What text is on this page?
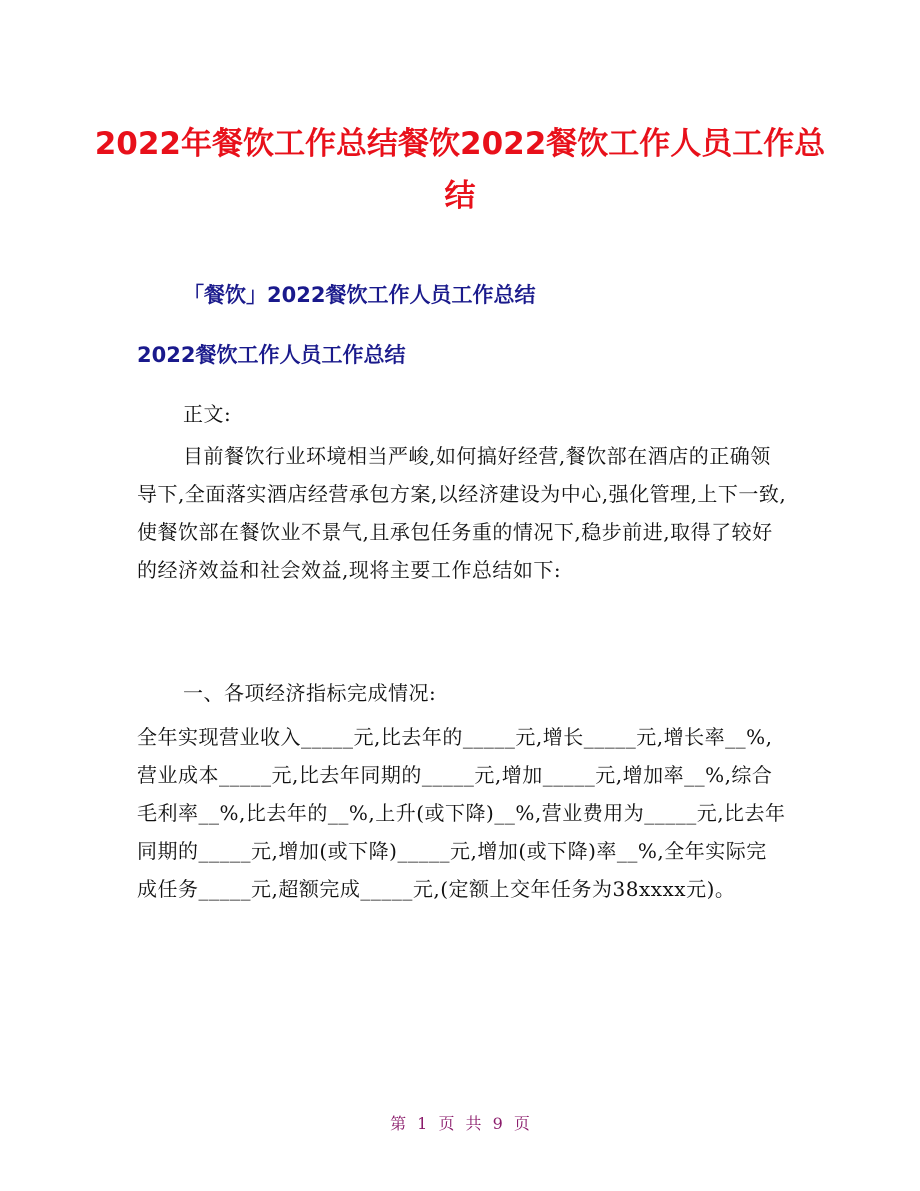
2022年餐饮工作总结餐饮2022餐饮工作人员工作总结
「餐饮」2022餐饮工作人员工作总结
2022餐饮工作人员工作总结

正文:

目前餐饮行业环境相当严峻,如何搞好经营,餐饮部在酒店的正确领导下,全面落实酒店经营承包方案,以经济建设为中心,强化管理,上下一致,使餐饮部在餐饮业不景气,且承包任务重的情况下,稳步前进,取得了较好的经济效益和社会效益,现将主要工作总结如下:

一、各项经济指标完成情况:

全年实现营业收入_____元,比去年的_____元,增长_____元,增长率__%,营业成本_____元,比去年同期的_____元,增加_____元,增加率__%,综合毛利率__%,比去年的__%,上升(或下降)__%,营业费用为_____元,比去年同期的_____元,增加(或下降)_____元,增加(或下降)率__%,全年实际完成任务_____元,超额完成_____元,(定额上交年任务为38xxxx元)。

第 1 页 共 9 页
